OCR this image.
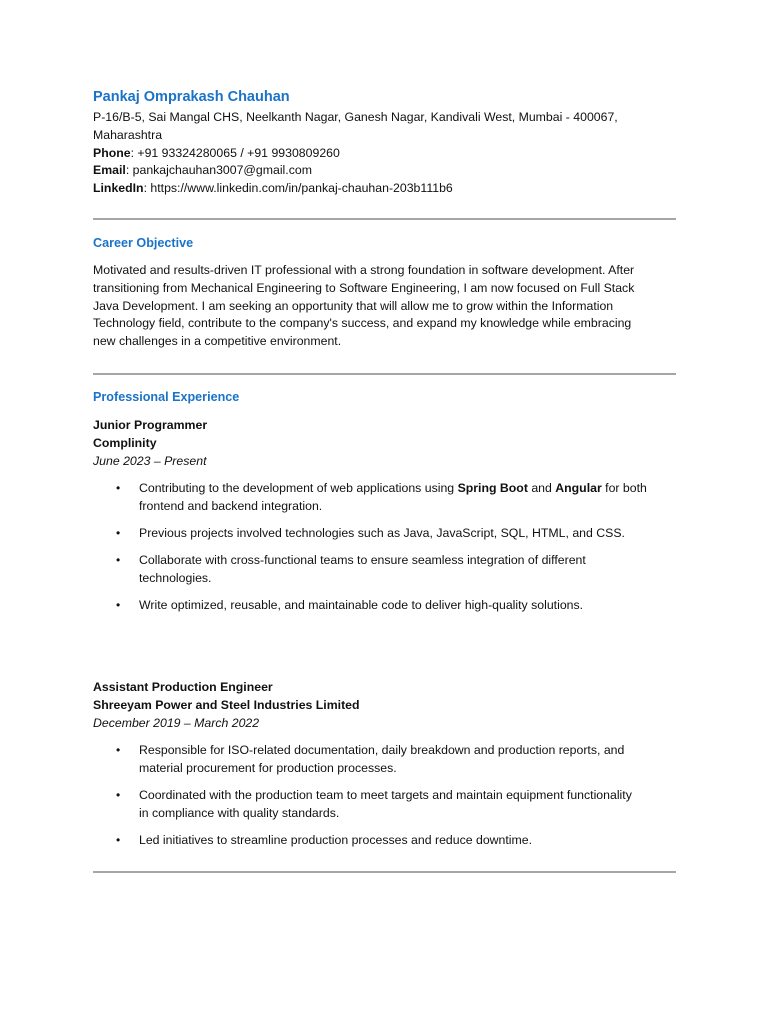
Pankaj Omprakash Chauhan
P-16/B-5, Sai Mangal CHS, Neelkanth Nagar, Ganesh Nagar, Kandivali West, Mumbai - 400067,
Maharashtra
Phone: +91 93324280065 / +91 9930809260
Email: pankajchauhan3007@gmail.com
LinkedIn: https://www.linkedin.com/in/pankaj-chauhan-203b111b6
Career Objective
Motivated and results-driven IT professional with a strong foundation in software development. After
transitioning from Mechanical Engineering to Software Engineering, I am now focused on Full Stack
Java Development. I am seeking an opportunity that will allow me to grow within the Information
Technology field, contribute to the company's success, and expand my knowledge while embracing
new challenges in a competitive environment.
Professional Experience
Junior Programmer
Complinity
June 2023 – Present
• Contributing to the development of web applications using Spring Boot and Angular for both
frontend and backend integration.
• Previous projects involved technologies such as Java, JavaScript, SQL, HTML, and CSS.
• Collaborate with cross-functional teams to ensure seamless integration of different
technologies.
• Write optimized, reusable, and maintainable code to deliver high-quality solutions.
Assistant Production Engineer
Shreeyam Power and Steel Industries Limited
December 2019 – March 2022
• Responsible for ISO-related documentation, daily breakdown and production reports, and
material procurement for production processes.
• Coordinated with the production team to meet targets and maintain equipment functionality
in compliance with quality standards.
• Led initiatives to streamline production processes and reduce downtime.
